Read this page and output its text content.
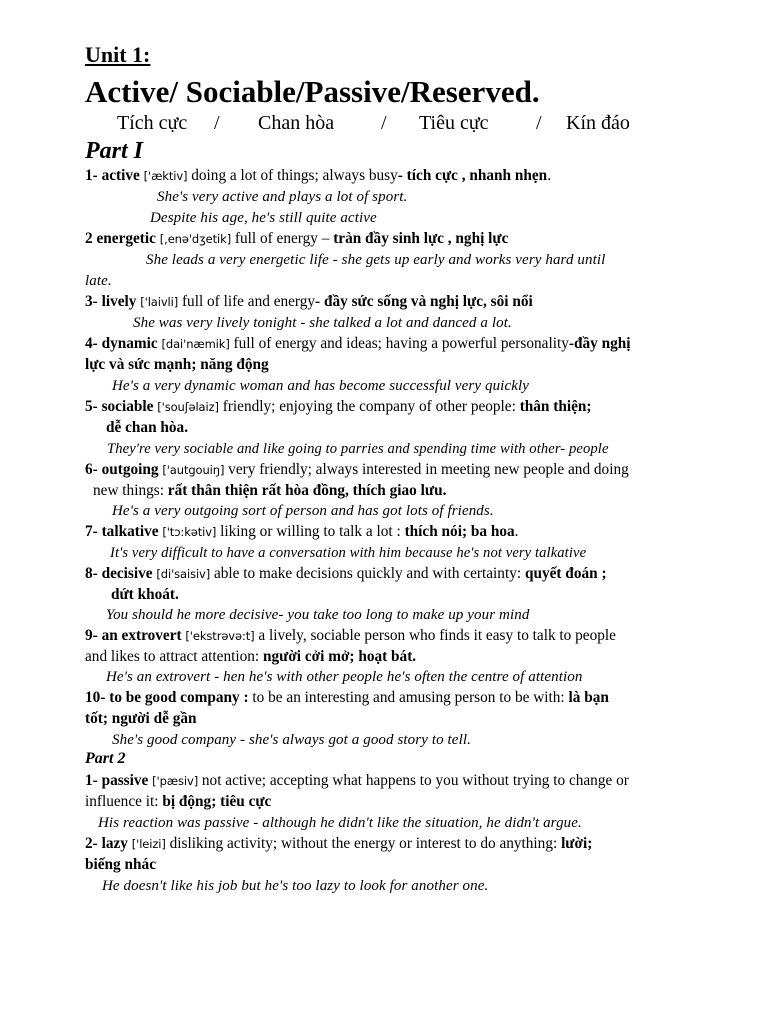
Unit 1:
Active/ Sociable/Passive/Reserved.
Tích cực / Chan hòa / Tiêu cực / Kín đáo
Part I
1- active ['æktiv] doing a lot of things; always busy- tích cực , nhanh nhẹn.
She's very active and plays a lot of sport.
Despite his age, he's still quite active
2 energetic [,enə'dʒetik] full of energy – tràn đầy sinh lực , nghị lực
She leads a very energetic life - she gets up early and works very hard until
late.
3- lively ['laivli] full of life and energy- đầy sức sống và nghị lực, sôi nổi
She was very lively tonight - she talked a lot and danced a lot.
4- dynamic [dai'næmik] full of energy and ideas; having a powerful personality-đầy nghị
lực và sức mạnh; năng động
He's a very dynamic woman and has become successful very quickly
5- sociable ['souʃəlaiz] friendly; enjoying the company of other people: thân thiện;
dễ chan hòa.
They're very sociable and like going to parries and spending time with other- people
6- outgoing ['autgouiŋ] very friendly; always interested in meeting new people and doing
new things: rất thân thiện rất hòa đồng, thích giao lưu.
He's a very outgoing sort of person and has got lots of friends.
7- talkative ['tɔ:kətiv] liking or willing to talk a lot : thích nói; ba hoa.
It's very difficult to have a conversation with him because he's not very talkative
8- decisive [di'saisiv] able to make decisions quickly and with certainty: quyết đoán ;
dứt khoát.
You should he more decisive- you take too long to make up your mind
9- an extrovert ['ekstrəvə:t] a lively, sociable person who finds it easy to talk to people
and likes to attract attention: người cởi mở; hoạt bát.
He's an extrovert - hen he's with other people he's often the centre of attention
10- to be good company : to be an interesting and amusing person to be with: là bạn
tốt; người dễ gần
She's good company - she's always got a good story to tell.
Part 2
1- passive ['pæsiv] not active; accepting what happens to you without trying to change or
influence it: bị động; tiêu cực
His reaction was passive - although he didn't like the situation, he didn't argue.
2- lazy ['leizi] disliking activity; without the energy or interest to do anything: lười;
biếng nhác
He doesn't like his job but he's too lazy to look for another one.
